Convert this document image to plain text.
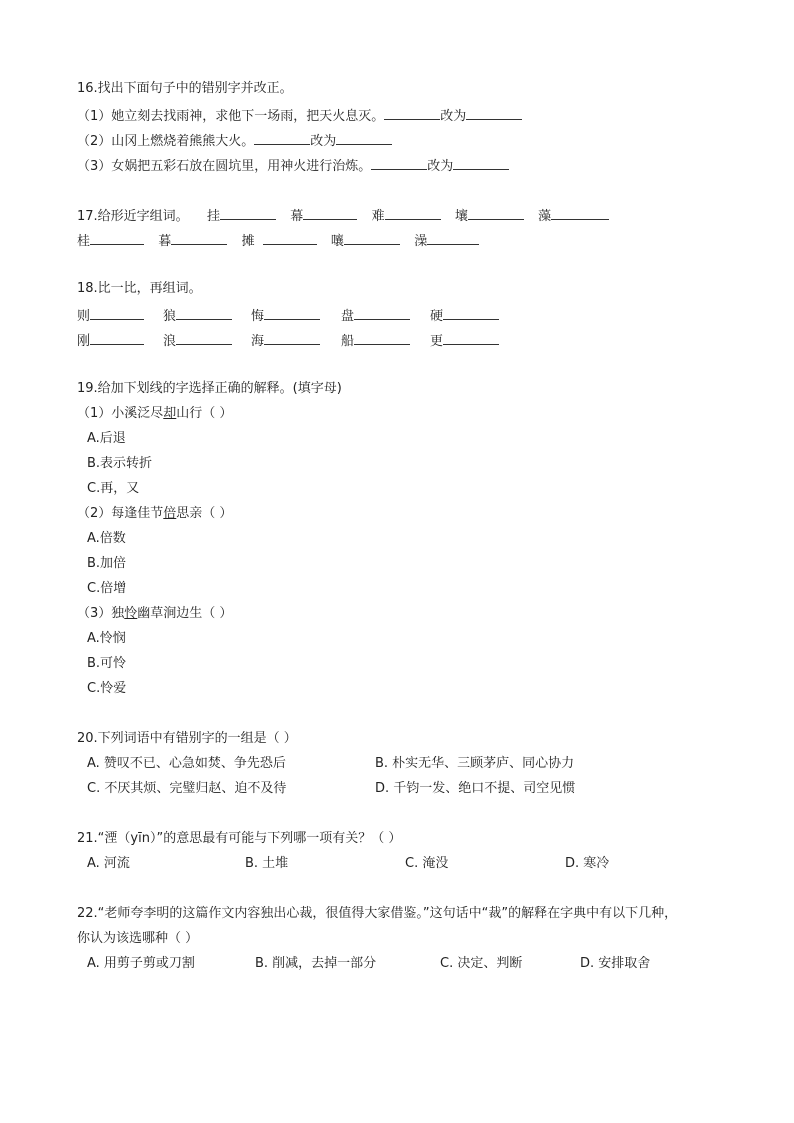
16.找出下面句子中的错别字并改正。
（1）她立刻去找雨神，求他下一场雨，把天火息灭。	改为
（2）山冈上燃烧着熊熊大火。	改为
（3）女娲把五彩石放在圆坑里，用神火进行治炼。	改为
17.给形近字组词。 挂	幕	难	壤	藻
桂	暮	摊	嚷	澡
18.比一比，再组词。
则	狼	悔	盘	硬
刚	浪	海	船	更
19.给加下划线的字选择正确的解释。(填字母)
（1）小溪泛尽却山行（ ）
A.后退
B.表示转折
C.再，又
（2）每逢佳节倍思亲（ ）
A.倍数
B.加倍
C.倍增
（3）独怜幽草涧边生（ ）
A.怜悯
B.可怜
C.怜爱
20.下列词语中有错别字的一组是（ ）
A. 赞叹不已、心急如焚、争先恐后	B. 朴实无华、三顾茅庐、同心协力
C. 不厌其烦、完璧归赵、迫不及待	D. 千钧一发、绝口不提、司空见惯
21.“湮（yīn）”的意思最有可能与下列哪一项有关？（ ）
A. 河流	B. 土堆	C. 淹没	D. 寒冷
22.“老师夸李明的这篇作文内容独出心裁，很值得大家借鉴。”这句话中“裁”的解释在字典中有以下几种，
你认为该选哪种（ ）
A. 用剪子剪或刀割	B. 削减，去掉一部分	C. 决定、判断	D. 安排取舍
